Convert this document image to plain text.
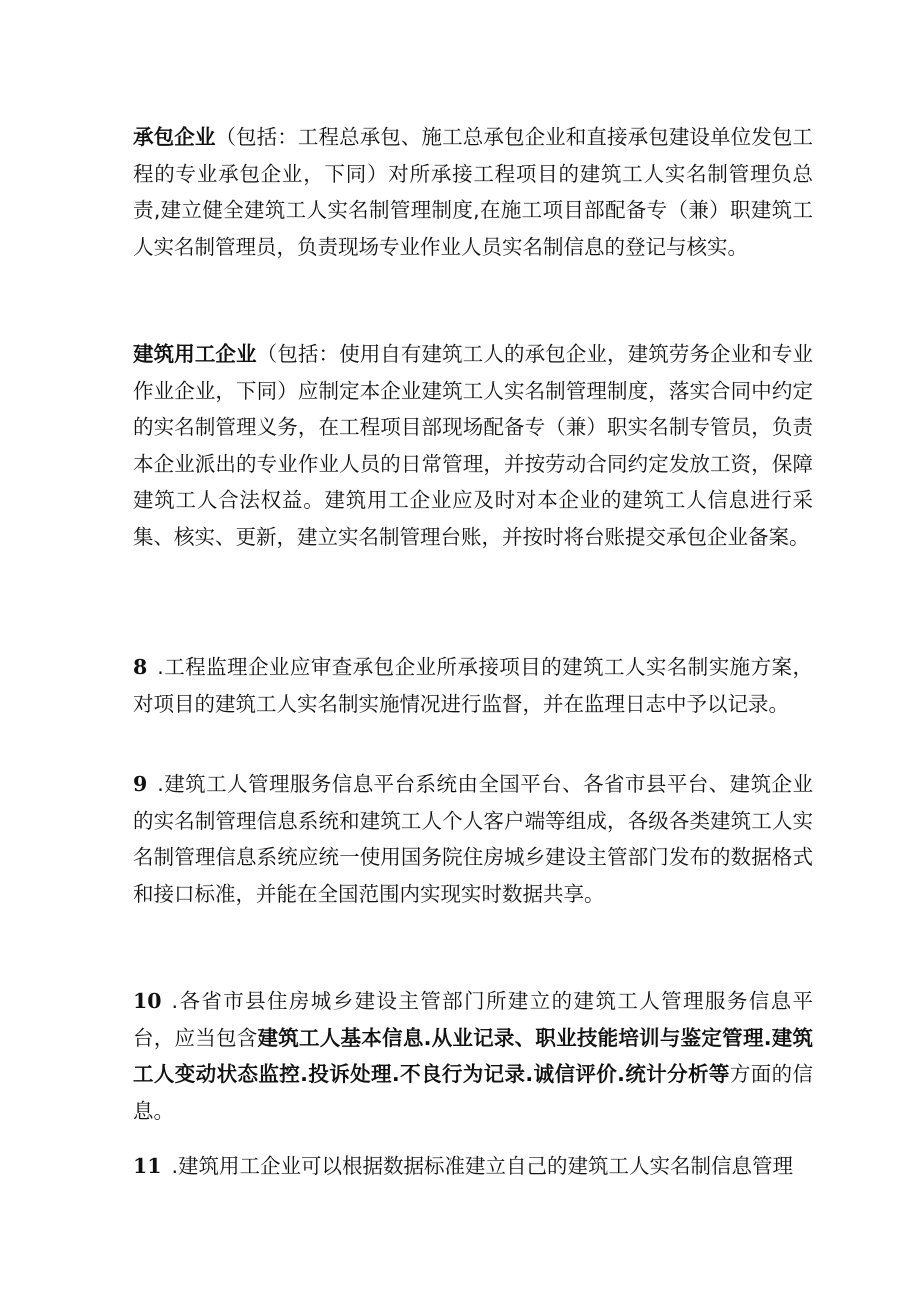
承包企业（包括：工程总承包、施工总承包企业和直接承包建设单位发包工程的专业承包企业，下同）对所承接工程项目的建筑工人实名制管理负总责,建立健全建筑工人实名制管理制度,在施工项目部配备专（兼）职建筑工人实名制管理员，负责现场专业作业人员实名制信息的登记与核实。

建筑用工企业（包括：使用自有建筑工人的承包企业，建筑劳务企业和专业作业企业，下同）应制定本企业建筑工人实名制管理制度，落实合同中约定的实名制管理义务，在工程项目部现场配备专（兼）职实名制专管员，负责本企业派出的专业作业人员的日常管理，并按劳动合同约定发放工资，保障建筑工人合法权益。建筑用工企业应及时对本企业的建筑工人信息进行采集、核实、更新，建立实名制管理台账，并按时将台账提交承包企业备案。

8 .工程监理企业应审查承包企业所承接项目的建筑工人实名制实施方案，对项目的建筑工人实名制实施情况进行监督，并在监理日志中予以记录。

9 .建筑工人管理服务信息平台系统由全国平台、各省市县平台、建筑企业的实名制管理信息系统和建筑工人个人客户端等组成，各级各类建筑工人实名制管理信息系统应统一使用国务院住房城乡建设主管部门发布的数据格式和接口标准，并能在全国范围内实现实时数据共享。

10 .各省市县住房城乡建设主管部门所建立的建筑工人管理服务信息平台，应当包含建筑工人基本信息.从业记录、职业技能培训与鉴定管理.建筑工人变动状态监控.投诉处理.不良行为记录.诚信评价.统计分析等方面的信息。

11 .建筑用工企业可以根据数据标准建立自己的建筑工人实名制信息管理
